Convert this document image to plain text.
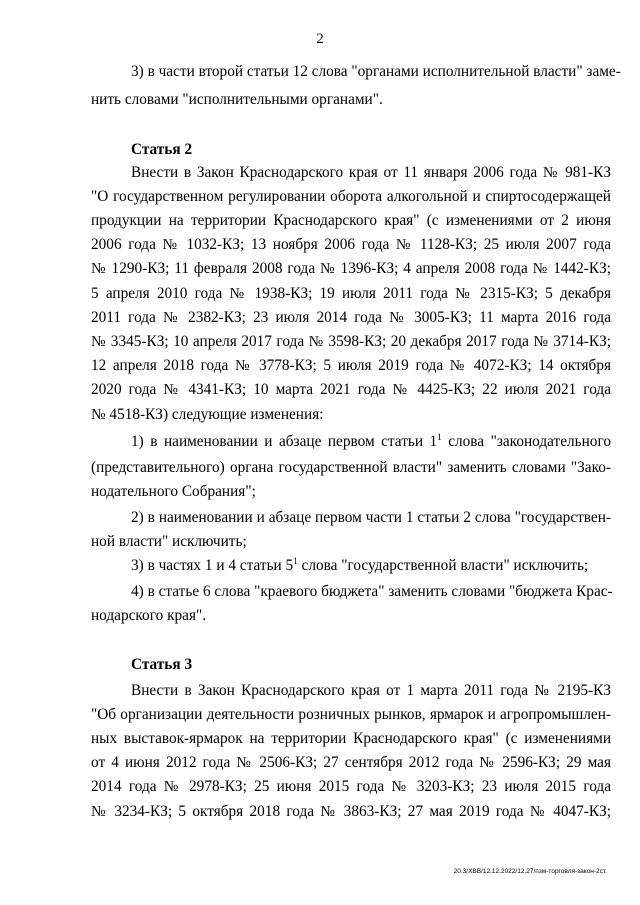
2
3) в части второй статьи 12 слова "органами исполнительной власти" заме-
нить словами "исполнительными органами".
Статья 2
Внести в Закон Краснодарского края от 11 января 2006 года № 981-КЗ
"О государственном регулировании оборота алкогольной и спиртосодержащей
продукции на территории Краснодарского края" (с изменениями от 2 июня
2006 года № 1032-КЗ; 13 ноября 2006 года № 1128-КЗ; 25 июля 2007 года
№ 1290-КЗ; 11 февраля 2008 года № 1396-КЗ; 4 апреля 2008 года № 1442-КЗ;
5 апреля 2010 года № 1938-КЗ; 19 июля 2011 года № 2315-КЗ; 5 декабря
2011 года № 2382-КЗ; 23 июля 2014 года № 3005-КЗ; 11 марта 2016 года
№ 3345-КЗ; 10 апреля 2017 года № 3598-КЗ; 20 декабря 2017 года № 3714-КЗ;
12 апреля 2018 года № 3778-КЗ; 5 июля 2019 года № 4072-КЗ; 14 октября
2020 года № 4341-КЗ; 10 марта 2021 года № 4425-КЗ; 22 июля 2021 года
№ 4518-КЗ) следующие изменения:
1) в наименовании и абзаце первом статьи $1^1$ слова "законодательного
(представительного) органа государственной власти" заменить словами "Зако-
нодательного Собрания";
2) в наименовании и абзаце первом части 1 статьи 2 слова "государствен-
ной власти" исключить;
3) в частях 1 и 4 статьи $5^1$ слова "государственной власти" исключить;
4) в статье 6 слова "краевого бюджета" заменить словами "бюджета Крас-
нодарского края".
Статья 3
Внести в Закон Краснодарского края от 1 марта 2011 года № 2195-КЗ
"Об организации деятельности розничных рынков, ярмарок и агропромышлен-
ных выставок-ярмарок на территории Краснодарского края" (с изменениями
от 4 июня 2012 года № 2506-КЗ; 27 сентября 2012 года № 2596-КЗ; 29 мая
2014 года № 2978-КЗ; 25 июня 2015 года № 3203-КЗ; 23 июля 2015 года
№ 3234-КЗ; 5 октября 2018 года № 3863-КЗ; 27 мая 2019 года № 4047-КЗ;
20.3/ХВВ/12.12.2022/12.27/пзм-торговля-закон-2ст.
